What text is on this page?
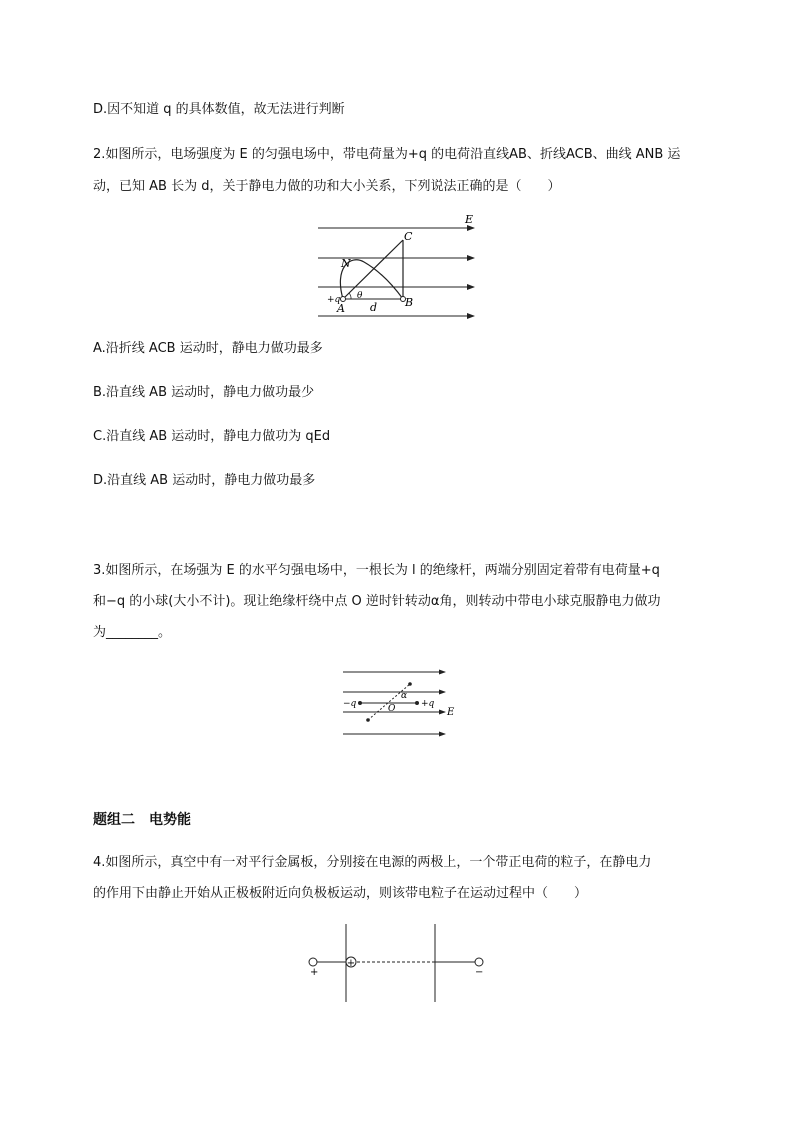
D.因不知道 q 的具体数值，故无法进行判断
2.如图所示，电场强度为 E 的匀强电场中，带电荷量为+q 的电荷沿直线AB、折线ACB、曲线 ANB 运
动，已知 AB 长为 d，关于静电力做的功和大小关系，下列说法正确的是（　　）
E
C
N
+q θ
A d	B
A.沿折线 ACB 运动时，静电力做功最多
B.沿直线 AB 运动时，静电力做功最少
C.沿直线 AB 运动时，静电力做功为 qEd
D.沿直线 AB 运动时，静电力做功最多
3.如图所示，在场强为 E 的水平匀强电场中，一根长为 l 的绝缘杆，两端分别固定着带有电荷量+q
和−q 的小球(大小不计)。现让绝缘杆绕中点 O 逆时针转动α角，则转动中带电小球克服静电力做功
为________。
−q	O
α
+q
E
题组二　电势能
4.如图所示，真空中有一对平行金属板，分别接在电源的两极上，一个带正电荷的粒子，在静电力
的作用下由静止开始从正极板附近向负极板运动，则该带电粒子在运动过程中（　　）
+
+	−
